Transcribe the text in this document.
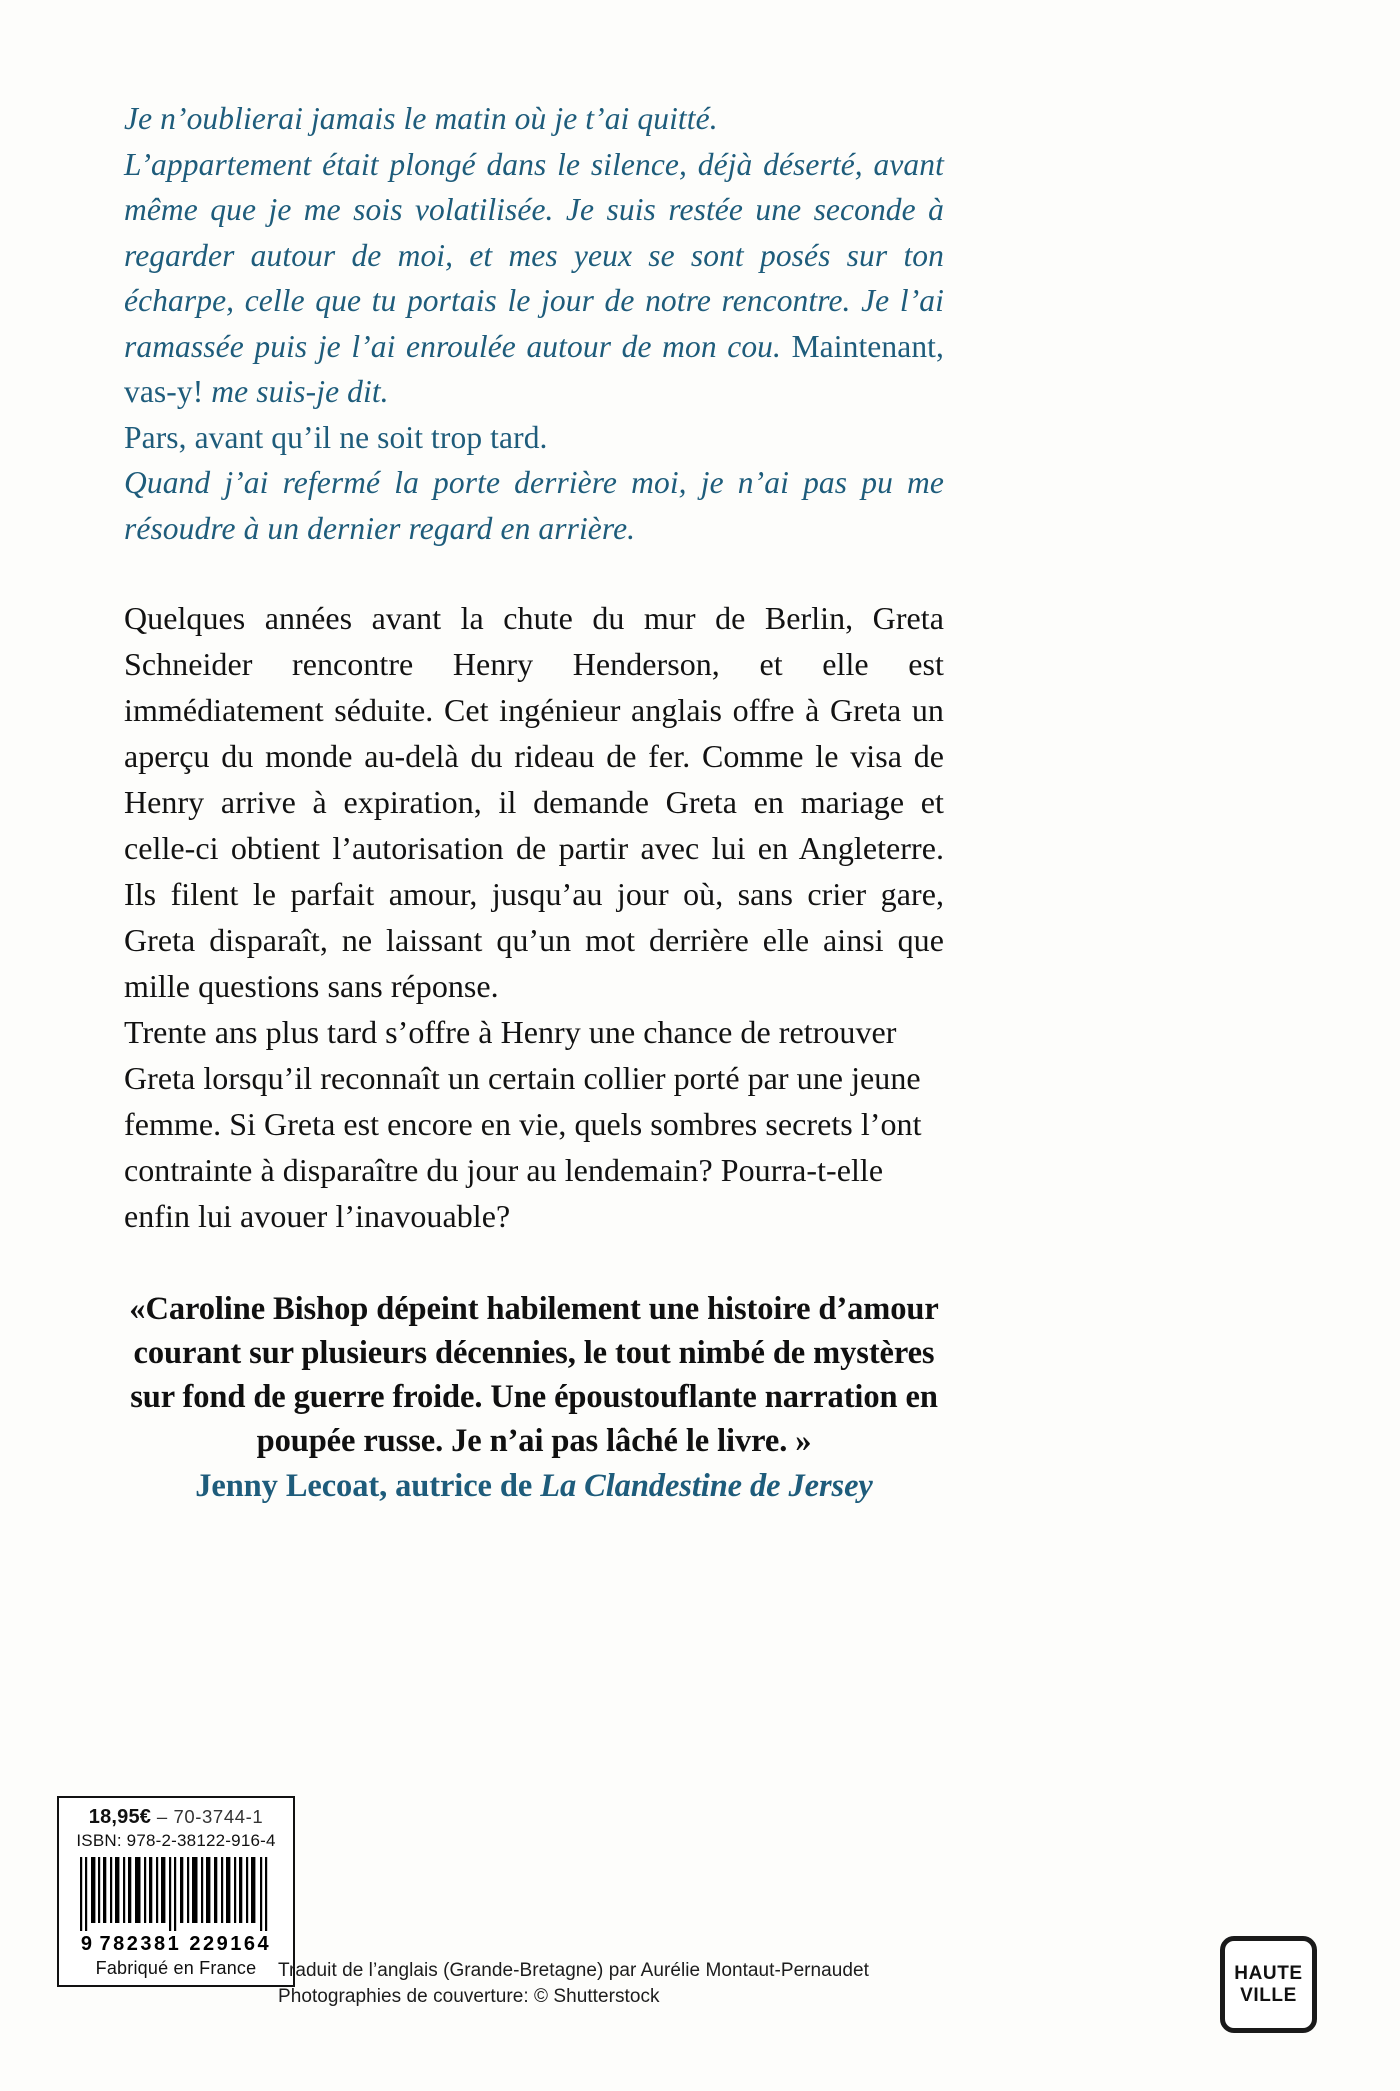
Je n’oublierai jamais le matin où je t’ai quitté.

L’appartement était plongé dans le silence, déjà déserté, avant même que je me sois volatilisée. Je suis restée une seconde à regarder autour de moi, et mes yeux se sont posés sur ton écharpe, celle que tu portais le jour de notre rencontre. Je l’ai ramassée puis je l’ai enroulée autour de mon cou. Maintenant, vas-y! me suis-je dit.

Pars, avant qu’il ne soit trop tard.

Quand j’ai refermé la porte derrière moi, je n’ai pas pu me résoudre à un dernier regard en arrière.

Quelques années avant la chute du mur de Berlin, Greta Schneider rencontre Henry Henderson, et elle est immédiatement séduite. Cet ingénieur anglais offre à Greta un aperçu du monde au-delà du rideau de fer. Comme le visa de Henry arrive à expiration, il demande Greta en mariage et celle-ci obtient l’autorisation de partir avec lui en Angleterre. Ils filent le parfait amour, jusqu’au jour où, sans crier gare, Greta disparaît, ne laissant qu’un mot derrière elle ainsi que mille questions sans réponse.

Trente ans plus tard s’offre à Henry une chance de retrouver Greta lorsqu’il reconnaît un certain collier porté par une jeune femme. Si Greta est encore en vie, quels sombres secrets l’ont contrainte à disparaître du jour au lendemain? Pourra-t-elle enfin lui avouer l’inavouable?

«Caroline Bishop dépeint habilement une histoire d’amour courant sur plusieurs décennies, le tout nimbé de mystères sur fond de guerre froide. Une époustouflante narration en poupée russe. Je n’ai pas lâché le livre. »

Jenny Lecoat, autrice de La Clandestine de Jersey

18,95€ – 70-3744-1
ISBN: 978-2-38122-916-4
9 782381 229164
Fabriqué en France	Traduit de l’anglais (Grande-Bretagne) par Aurélie Montaut-Pernaudet
Photographies de couverture: © Shutterstock
HAUTE
VILLE
